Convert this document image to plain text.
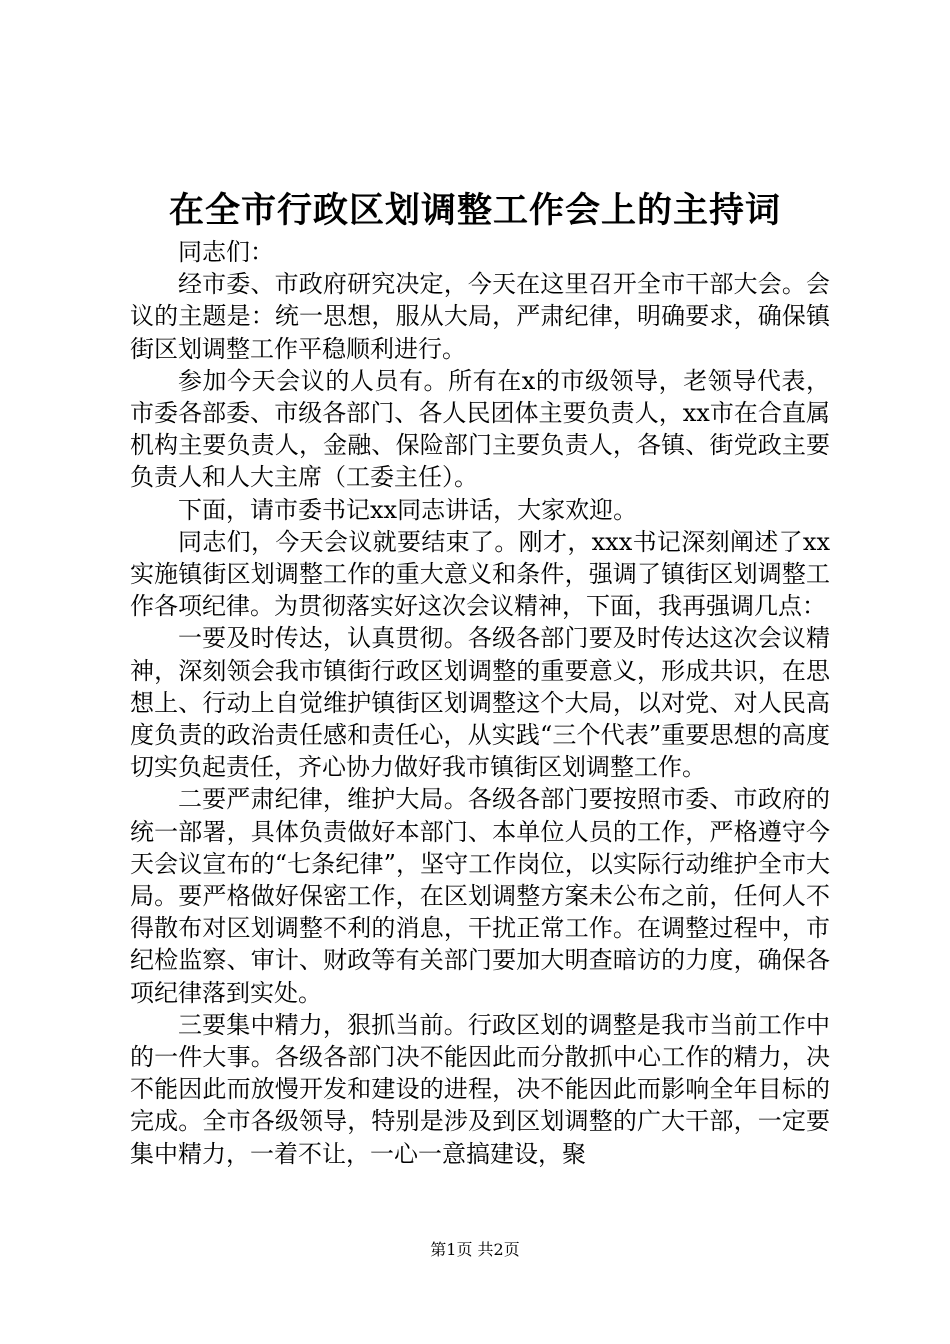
在全市行政区划调整工作会上的主持词

同志们：

经市委、市政府研究决定，今天在这里召开全市干部大会。会议的主题是：统一思想，服从大局，严肃纪律，明确要求，确保镇街区划调整工作平稳顺利进行。

参加今天会议的人员有。所有在x的市级领导，老领导代表，市委各部委、市级各部门、各人民团体主要负责人，xx市在合直属机构主要负责人，金融、保险部门主要负责人，各镇、街党政主要负责人和人大主席（工委主任）。

下面，请市委书记xx同志讲话，大家欢迎。

同志们，今天会议就要结束了。刚才，xxx书记深刻阐述了xx实施镇街区划调整工作的重大意义和条件，强调了镇街区划调整工作各项纪律。为贯彻落实好这次会议精神，下面，我再强调几点：

一要及时传达，认真贯彻。各级各部门要及时传达这次会议精神，深刻领会我市镇街行政区划调整的重要意义，形成共识，在思想上、行动上自觉维护镇街区划调整这个大局，以对党、对人民高度负责的政治责任感和责任心，从实践“三个代表”重要思想的高度切实负起责任，齐心协力做好我市镇街区划调整工作。

二要严肃纪律，维护大局。各级各部门要按照市委、市政府的统一部署，具体负责做好本部门、本单位人员的工作，严格遵守今天会议宣布的“七条纪律”，坚守工作岗位，以实际行动维护全市大局。要严格做好保密工作，在区划调整方案未公布之前，任何人不得散布对区划调整不利的消息，干扰正常工作。在调整过程中，市纪检监察、审计、财政等有关部门要加大明查暗访的力度，确保各项纪律落到实处。

三要集中精力，狠抓当前。行政区划的调整是我市当前工作中的一件大事。各级各部门决不能因此而分散抓中心工作的精力，决不能因此而放慢开发和建设的进程，决不能因此而影响全年目标的完成。全市各级领导，特别是涉及到区划调整的广大干部，一定要集中精力，一着不让，一心一意搞建设，聚

第1页 共2页
